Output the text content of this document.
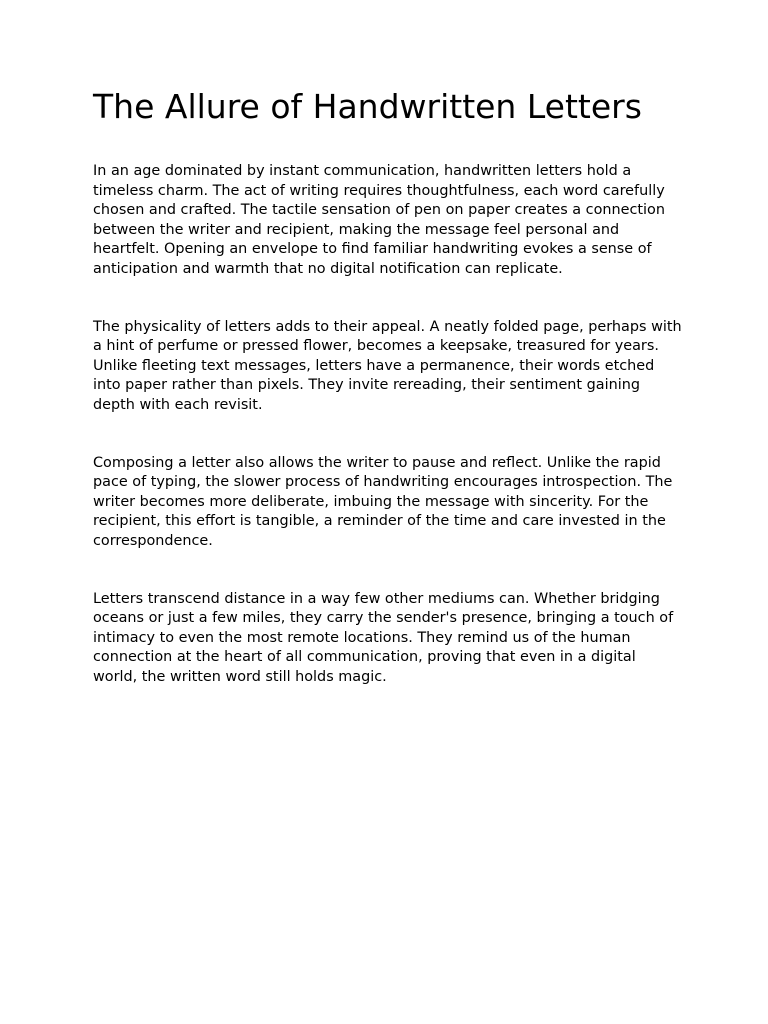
The Allure of Handwritten Letters

In an age dominated by instant communication, handwritten letters hold a timeless charm. The act of writing requires thoughtfulness, each word carefully chosen and crafted. The tactile sensation of pen on paper creates a connection between the writer and recipient, making the message feel personal and heartfelt. Opening an envelope to find familiar handwriting evokes a sense of anticipation and warmth that no digital notification can replicate.

The physicality of letters adds to their appeal. A neatly folded page, perhaps with a hint of perfume or pressed flower, becomes a keepsake, treasured for years. Unlike fleeting text messages, letters have a permanence, their words etched into paper rather than pixels. They invite rereading, their sentiment gaining depth with each revisit.

Composing a letter also allows the writer to pause and reflect. Unlike the rapid pace of typing, the slower process of handwriting encourages introspection. The writer becomes more deliberate, imbuing the message with sincerity. For the recipient, this effort is tangible, a reminder of the time and care invested in the correspondence.

Letters transcend distance in a way few other mediums can. Whether bridging oceans or just a few miles, they carry the sender's presence, bringing a touch of intimacy to even the most remote locations. They remind us of the human connection at the heart of all communication, proving that even in a digital world, the written word still holds magic.
